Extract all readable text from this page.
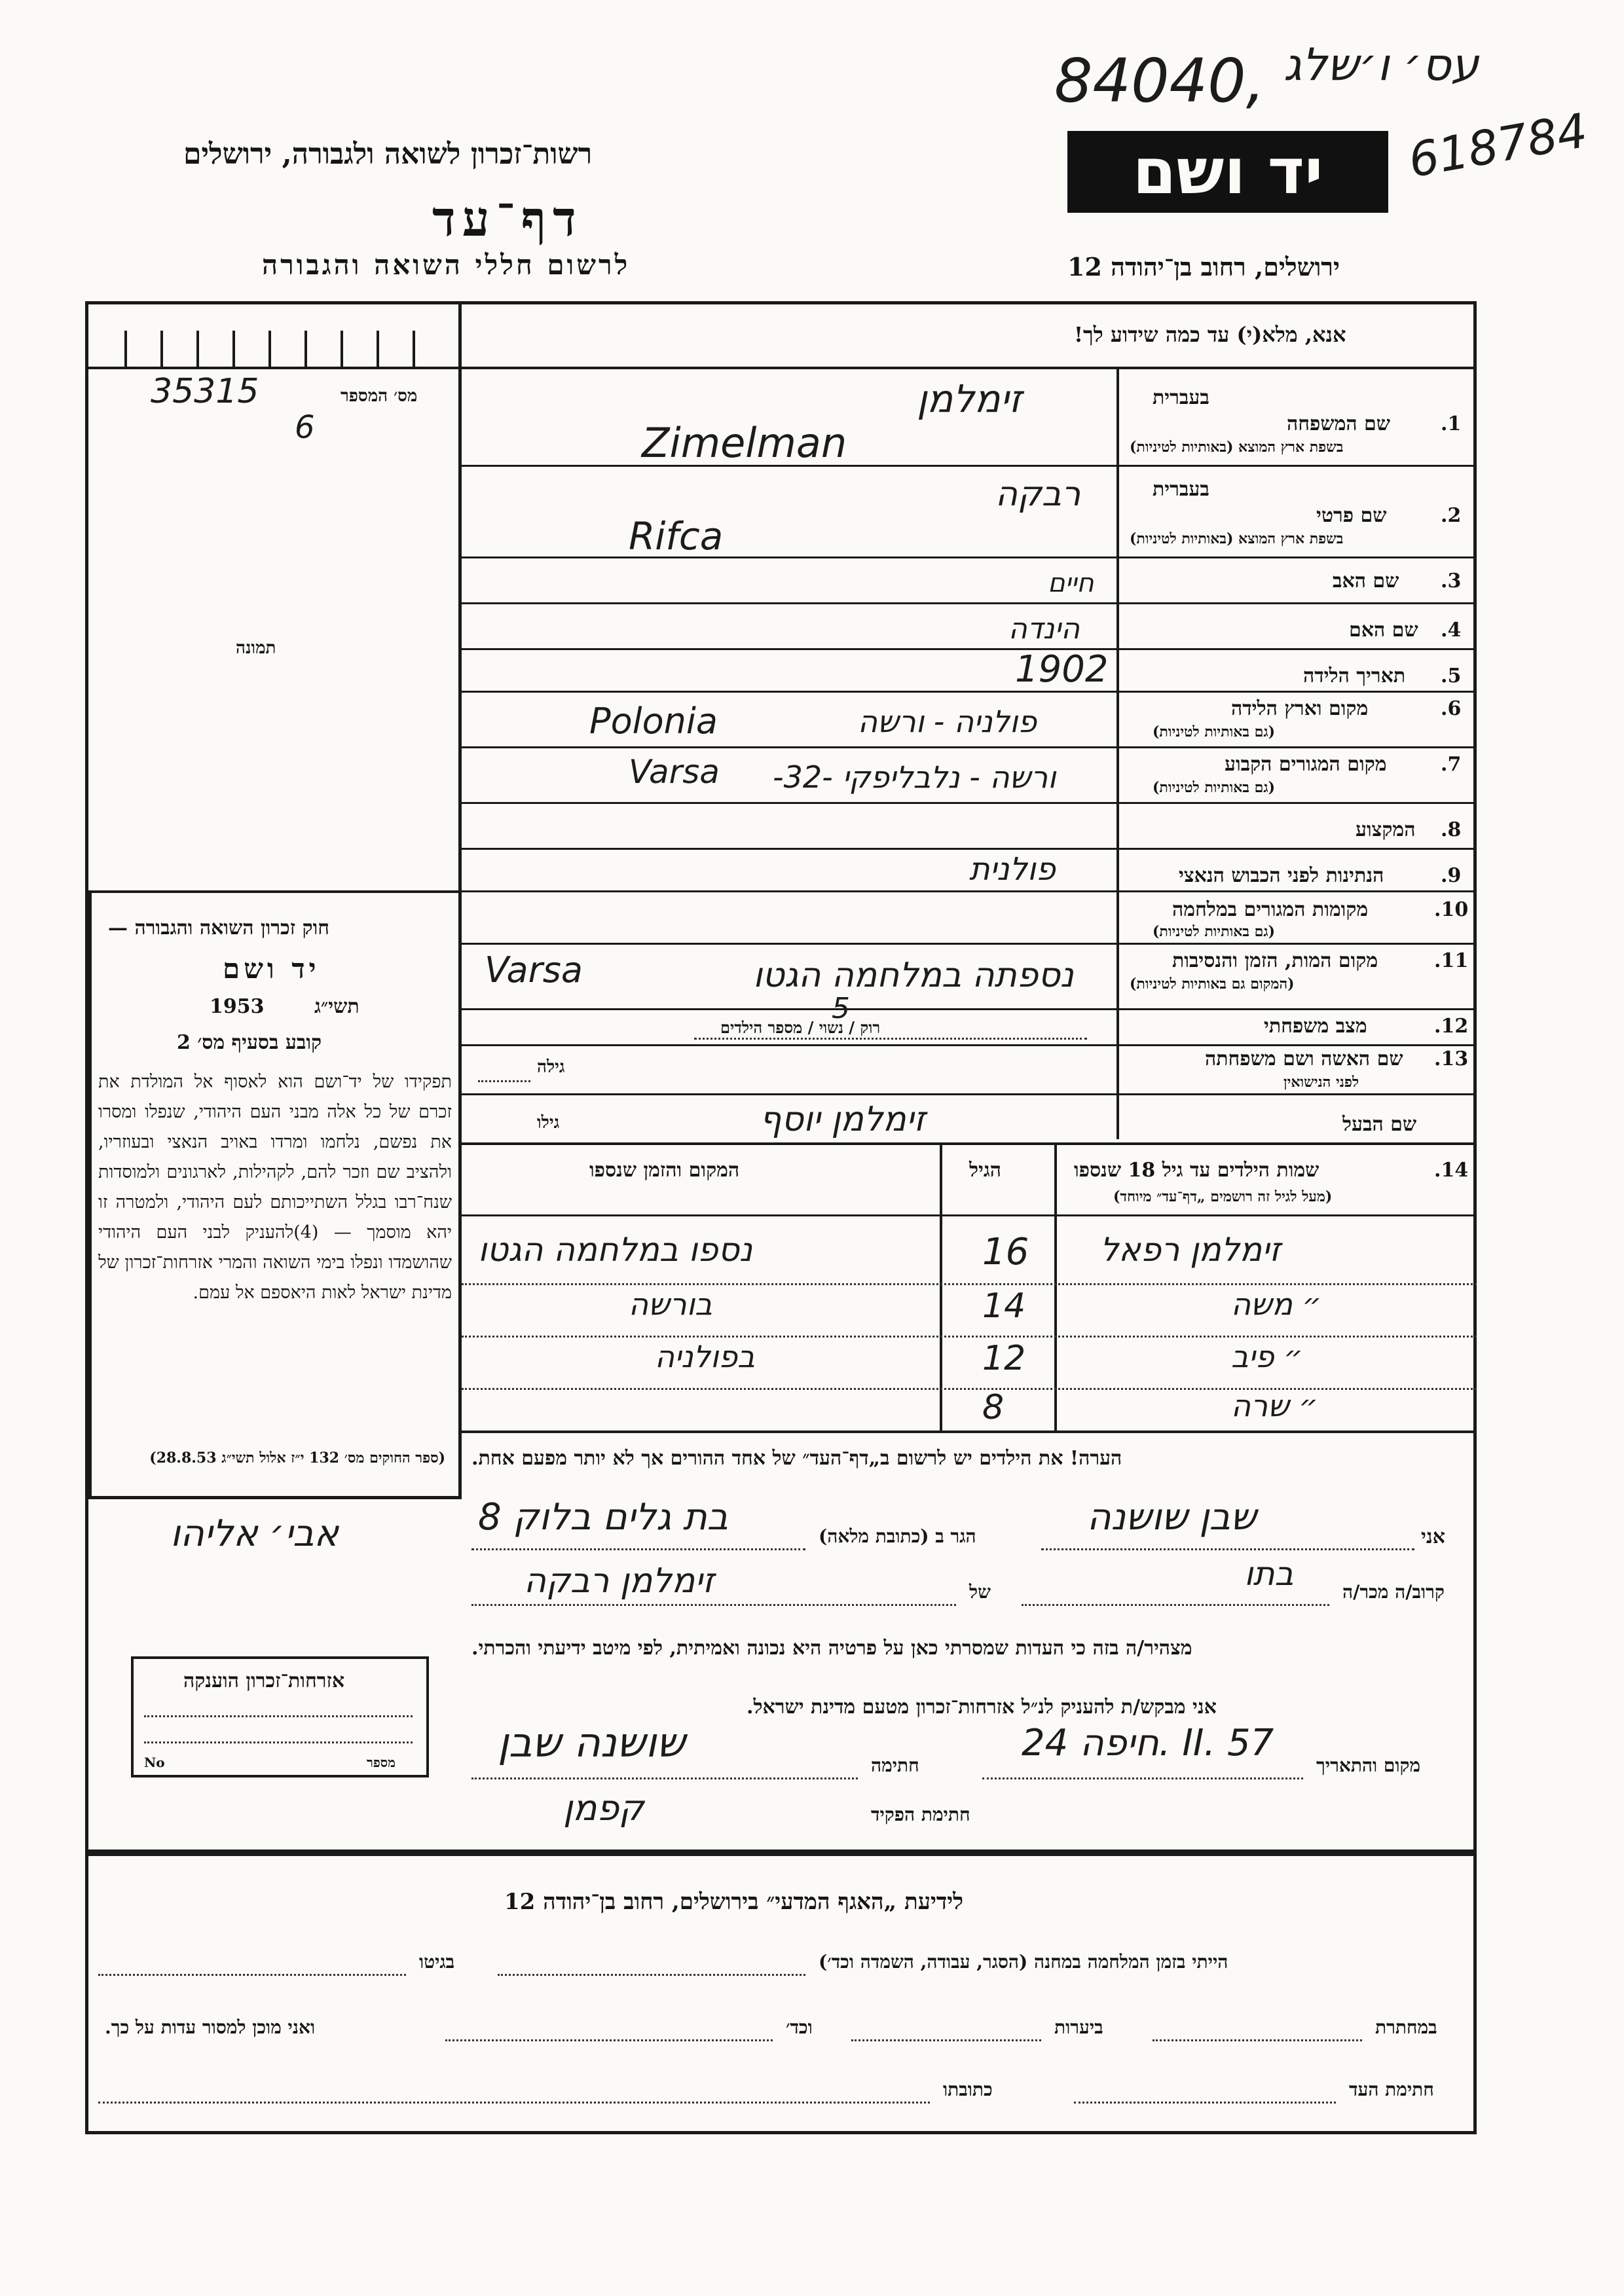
84040, עס׳ ו׳שלג
618784
רשות־זכרון לשואה ולגבורה, ירושלים
דף־עד
לרשום חללי השואה והגבורה
יד ושם
ירושלים, רחוב בן־יהודה 12
אנא, מלא(י) עד כמה שידוע לך!
35315
6
מס׳ המספר
תמונה
חוק זכרון השואה והגבורה —
יד ושם
תשי״ג
1953
קובע בסעיף מס׳ 2
תפקידו של יד־ושם הוא לאסוף אל המולדת את זכרם של כל אלה מבני העם היהודי, שנפלו ומסרו את נפשם, נלחמו ומרדו באויב הנאצי ובעוזריו, ולהציב שם וזכר להם, לקהילות, לארגונים ולמוסדות שנח־רבו בגלל השתייכותם לעם היהודי, ולמטרה זו יהא מוסמך — (4)להעניק לבני העם היהודי שהושמדו ונפלו בימי השואה והמרי אזרחות־זכרון של מדינת ישראל לאות היאספם אל עמם.
(ספר החוקים מס׳ 132 י״ז אלול תשי״ג 28.8.53)
אבי׳ אליהו
אזרחות־זכרון הוענקה
No	מספר
1.
שם המשפחה
בעברית
בשפת ארץ המוצא (באותיות לטיניות)
זימלמן
Zimelman
2.
שם פרטי
בעברית
בשפת ארץ המוצא (באותיות לטיניות)
רבקה
Rifca
3.
שם האב
חיים
4.
שם האם
הינדה
5.
תאריך הלידה
1902
6.
מקום וארץ הלידה
(גם באותיות לטיניות)
פולניה - ורשה
Polonia
7.
מקום המגורים הקבוע
(גם באותיות לטיניות)
ורשה - נלבליפקי -32-
Varsa
8.
המקצוע
9.
הנתינות לפני הכבוש הנאצי
פולנית
10.
מקומות המגורים במלחמה
(גם באותיות לטיניות)
11.
מקום המות, הזמן והנסיבות
(המקום גם באותיות לטיניות)
נספתה במלחמה הגטו
Varsa
12.
מצב משפחתי
רוק / נשוי / מספר הילדים
5
13.
שם האשה ושם משפחתה
לפני הנישואין
גילה
שם הבעל
גילו	זימלמן יוסף
14.
שמות הילדים עד גיל 18 שנספו
(מעל לגיל זה רושמים „דף־עד״ מיוחד)
הגיל
המקום והזמן שנספו
זימלמן רפאל
16
נספו במלחמה הגטו
״ משה
14
בורשה
״ פיב
12
בפולניה
״ שרה
8
הערה! את הילדים יש לרשום ב„דף־העד״ של אחד ההורים אך לא יותר מפעם אחת.
אני
שבן שושנה
הגר ב (כתובת מלאה)
בת גלים בלוק 8
קרוב/ה מכר/ה
בתו
של
זימלמן רבקה
מצהיר/ה בזה כי העדות שמסרתי כאן על פרטיה היא נכונה ואמיתית, לפי מיטב ידיעתי והכרתי.
אני מבקש/ת להעניק לנ״ל אזרחות־זכרון מטעם מדינת ישראל.
מקום והתאריך
חיפה 24. II. 57
חתימה
שושנה שבן
חתימת הפקיד
קפמן
לידיעת „האגף המדעי״ בירושלים, רחוב בן־יהודה 12
הייתי בזמן המלחמה במחנה (הסגר, עבודה, השמדה וכד׳)
בגיטו
במחתרת
ביערות
וכד׳
ואני מוכן למסור עדות על כך.
חתימת העד
כתובתו
